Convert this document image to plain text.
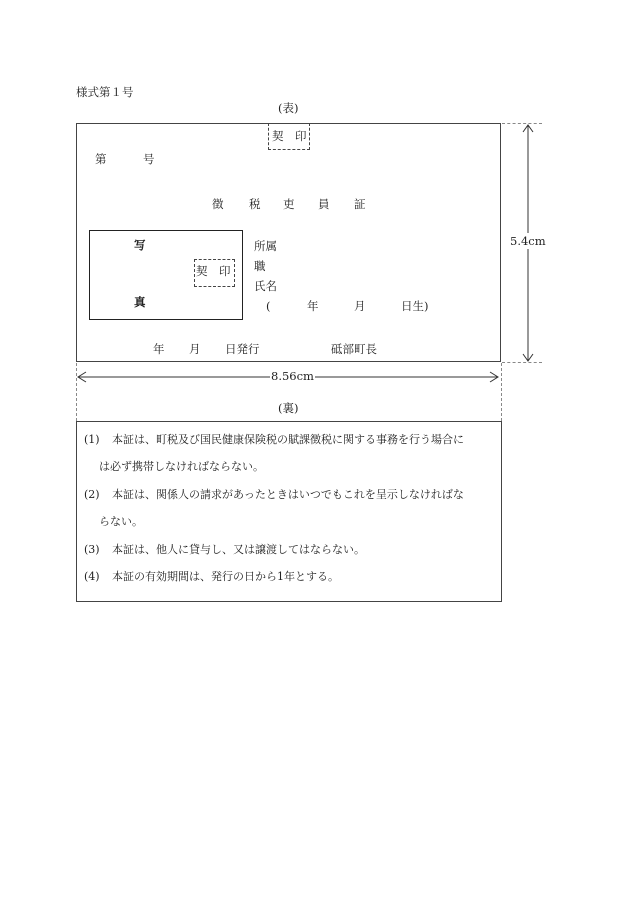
様式第１号
(表)
契 印
第	号
徴 税 吏 員 証
写
真
契 印
所属
職
氏名
(	年	月	日生)
年 月 日発行	砥部町長
5.4cm
8.56cm
(裏)
(1) 本証は、町税及び国民健康保険税の賦課徴税に関する事務を行う場合に
は必ず携帯しなければならない。
(2) 本証は、関係人の請求があったときはいつでもこれを呈示しなければな
らない。
(3) 本証は、他人に貸与し、又は譲渡してはならない。
(4) 本証の有効期間は、発行の日から1年とする。
